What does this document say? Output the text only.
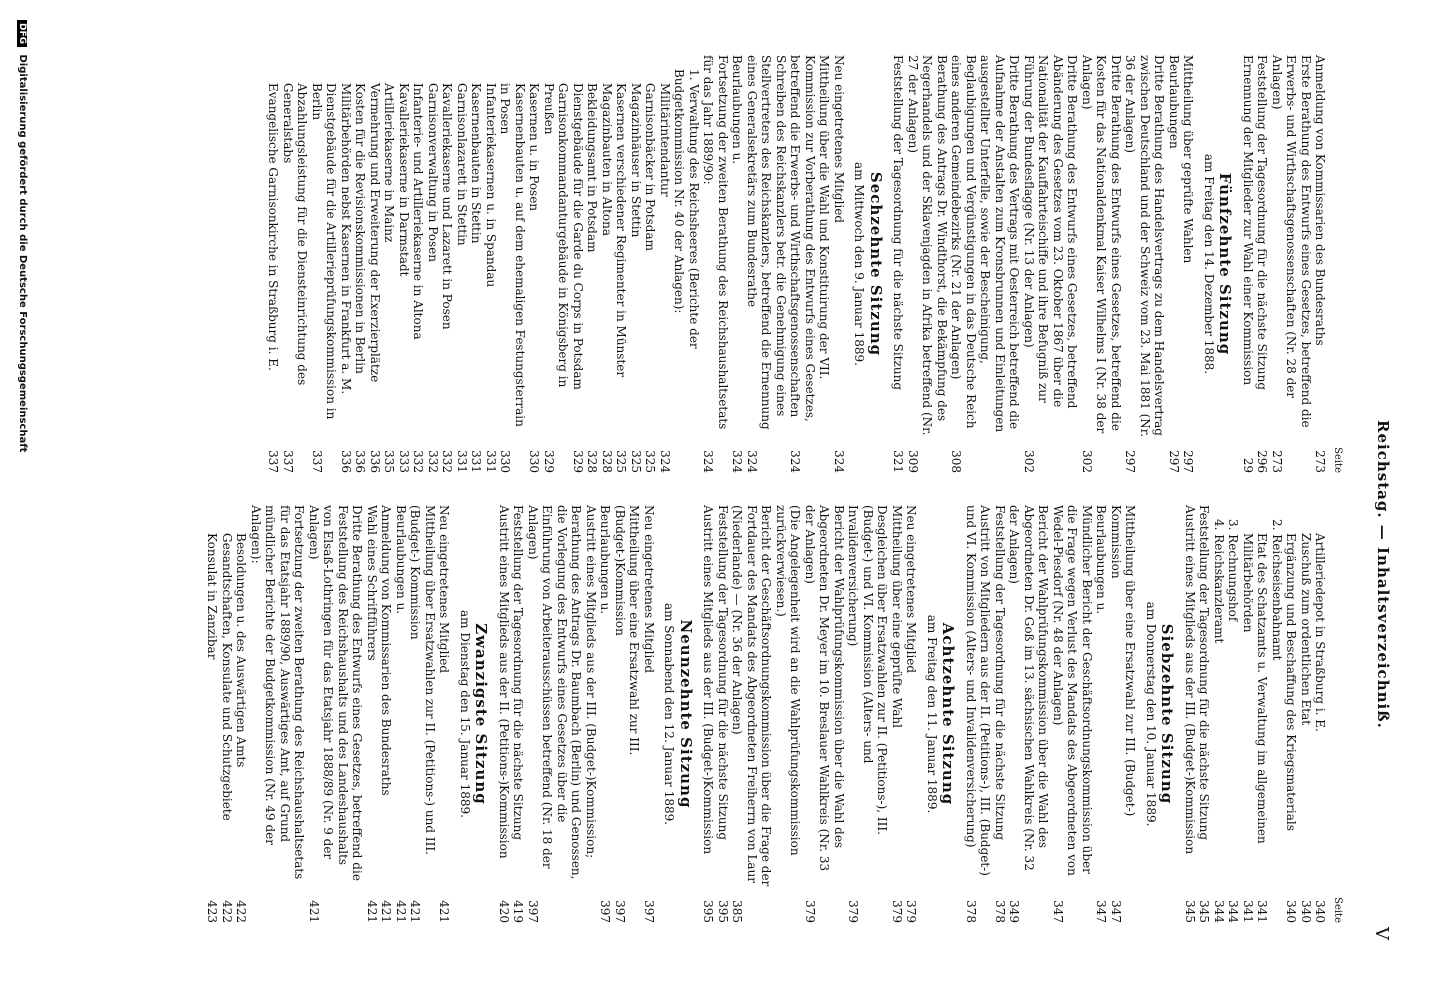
Reichstag. — Inhaltsverzeichniß.
V
Seite
Anmeldung von Kommissarien des Bundesraths
273
Erste Berathung des Entwurfs eines Gesetzes, betreffend die Erwerbs- und Wirthschaftsgenossenschaften (Nr. 28 der Anlagen)
273
Feststellung der Tagesordnung für die nächste Sitzung
296
Ernennung der Mitglieder zur Wahl einer Kommission
29
Fünfzehnte Sitzung
am Freitag den 14. Dezember 1888.
Mittheilung über geprüfte Wahlen
297
Beurlaubungen
297
Dritte Berathung des Handelsvertrags zu dem Handelsvertrag zwischen Deutschland und der Schweiz vom 23. Mai 1881 (Nr. 36 der Anlagen)
297
Dritte Berathung des Entwurfs eines Gesetzes, betreffend die Kosten für das Nationaldenkmal Kaiser Wilhelms I (Nr. 38 der Anlagen)
302
Dritte Berathung des Entwurfs eines Gesetzes, betreffend Abänderung des Gesetzes vom 23. Oktober 1867 über die Nationalität der Kauffahrteischiffe und ihre Befugniß zur Führung der Bundesflagge (Nr. 13 der Anlagen)
302
Dritte Berathung des Vertrags mit Oesterreich betreffend die Aufnahme der Anstalten zum Kronsbrunnen und Einleitungen ausgestellter Unterfelle, sowie der Bescheinigung, Beglaubigungen und Vergünstigungen in das Deutsche Reich eines anderen Gemeindebezirks (Nr. 21 der Anlagen)
308
Berathung des Antrags Dr. Windthorst, die Bekämpfung des Negerhandels und der Sklavenjagden in Afrika betreffend (Nr. 27 der Anlagen)
309
Feststellung der Tagesordnung für die nächste Sitzung
321
Sechzehnte Sitzung
am Mittwoch den 9. Januar 1889.
Neu eingetretenes Mitglied
324
Mittheilung über die Wahl und Konstituirung der VII. Kommission zur Vorberathung des Entwurfs eines Gesetzes, betreffend die Erwerbs- und Wirthschaftsgenossenschaften
324
Schreiben des Reichskanzlers betr. die Genehmigung eines Stellvertreters des Reichskanzlers, betreffend die Ernennung eines Generalsekretärs zum Bundesrathe
324
Beurlaubungen u.
324
Fortsetzung der zweiten Berathung des Reichshaushaltsetats für das Jahr 1889/90:
324
1. Verwaltung des Reichsheeres (Berichte der Budgetkommission Nr. 40 der Anlagen):
Militärintendantur
324
Garnisonbäcker in Potsdam
325
Magazinhäuser in Stettin
325
Kasernen verschiedener Regimenter in Münster
325
Magazinbauten in Altona
328
Bekleidungsamt in Potsdam
328
Dienstgebäude für die Garde du Corps in Potsdam
329
Garnisonkommandanturgebäude in Königsberg in Preußen
329
Kasernen u. in Posen
330
Kasernenbauten u. auf dem ehemaligen Festungsterrain in Posen
330
Infanteriekasernen u. in Spandau
331
Kasernenbauten in Stettin
331
Garnisonlazarett in Stettin
331
Kavalleriekaserne und Lazarett in Posen
332
Garnisonverwaltung in Posen
332
Infanterie- und Artilleriekaserne in Altona
332
Kavalleriekaserne in Darmstadt
333
Artilleriekaserne in Mainz
335
Vermehrung und Erweiterung der Exerzierplätze
336
Kosten für die Revisionskommissionen in Berlin
336
Militärbehörden nebst Kasernen in Frankfurt a. M.
336
Dienstgebäude für die Artillerieprüfungskommission in Berlin
337
Abzahlungsleistung für die Diensteinrichtung des Generalstabs
337
Evangelische Garnisonkirche in Straßburg i. E.
337
Seite
Artilleriedepot in Straßburg i. E.
340
Zuschuß zum ordentlichen Etat
340
Ergänzung und Beschaffung des Kriegsmaterials
340
2. Reichseisenbahnamt
Etat des Schatzamts u. Verwaltung im allgemeinen
341
Militärbehörden
341
3. Rechnungshof
344
4. Reichskanzleramt
344
Feststellung der Tagesordnung für die nächste Sitzung
345
Austritt eines Mitglieds aus der III. (Budget-)Kommission
345
Siebzehnte Sitzung
am Donnerstag den 10. Januar 1889.
Mittheilung über eine Ersatzwahl zur III. (Budget-) Kommission
347
Beurlaubungen u.
347
Mündlicher Bericht der Geschäftsordnungskommission über die Frage wegen Verlust des Mandats des Abgeordneten von Wedel-Piesdorf (Nr. 48 der Anlagen)
347
Bericht der Wahlprüfungskommission über die Wahl des Abgeordneten Dr. Goß im 13. sächsischen Wahlkreis (Nr. 32 der Anlagen)
349
Feststellung der Tagesordnung für die nächste Sitzung
378
Austritt von Mitgliedern aus der II. (Petitions-), III. (Budget-) und VI. Kommission (Alters- und Invalidenversicherung)
378
Achtzehnte Sitzung
am Freitag den 11. Januar 1889.
Neu eingetretenes Mitglied
379
Mittheilung über eine geprüfte Wahl
379
Desgleichen über Ersatzwahlen zur II. (Petitions-), III. (Budget-) und VI. Kommission (Alters- und Invalidenversicherung)
379
Bericht der Wahlprüfungskommission über die Wahl des Abgeordneten Dr. Meyer im 10. Breslauer Wahlkreis (Nr. 33 der Anlagen)
379
(Die Angelegenheit wird an die Wahlprüfungskommission zurückverwiesen.)
Bericht der Geschäftsordnungskommission über die Frage der Fortdauer des Mandats des Abgeordneten Freiherrn von Laur (Niederlande) — (Nr. 36 der Anlagen)
385
Feststellung der Tagesordnung für die nächste Sitzung
395
Austritt eines Mitglieds aus der III. (Budget-)Kommission
395
Neunzehnte Sitzung
am Sonnabend den 12. Januar 1889.
Neu eingetretenes Mitglied
397
Mittheilung über eine Ersatzwahl zur III. (Budget-)Kommission
397
Beurlaubungen u.
397
Austritt eines Mitglieds aus der III. (Budget-)Kommission; Berathung des Antrags Dr. Baumbach (Berlin) und Genossen, die Vorlegung des Entwurfs eines Gesetzes über die Einführung von Arbeiterausschüssen betreffend (Nr. 18 der Anlagen)
397
Feststellung der Tagesordnung für die nächste Sitzung
419
Austritt eines Mitglieds aus der II. (Petitions-)Kommission
420
Zwanzigste Sitzung
am Dienstag den 15. Januar 1889.
Neu eingetretenes Mitglied
421
Mittheilung über Ersatzwahlen zur II. (Petitions-) und III. (Budget-) Kommission
421
Beurlaubungen u.
421
Anmeldung von Kommissarien des Bundesraths
421
Wahl eines Schriftführers
421
Dritte Berathung des Entwurfs eines Gesetzes, betreffend die Feststellung des Reichshaushalts und des Landeshaushalts von Elsaß-Lothringen für das Etatsjahr 1888/89 (Nr. 9 der Anlagen)
421
Fortsetzung der zweiten Berathung des Reichshaushaltsetats für das Etatsjahr 1889/90, Auswärtiges Amt, auf Grund mündlicher Berichte der Budgetkommission (Nr. 49 der Anlagen):
Besoldungen u. des Auswärtigen Amts
422
Gesandtschaften, Konsulate und Schutzgebiete
422
Konsulat in Zanzibar
423
DFG Digitalisierung gefördert durch die Deutsche Forschungsgemeinschaft
